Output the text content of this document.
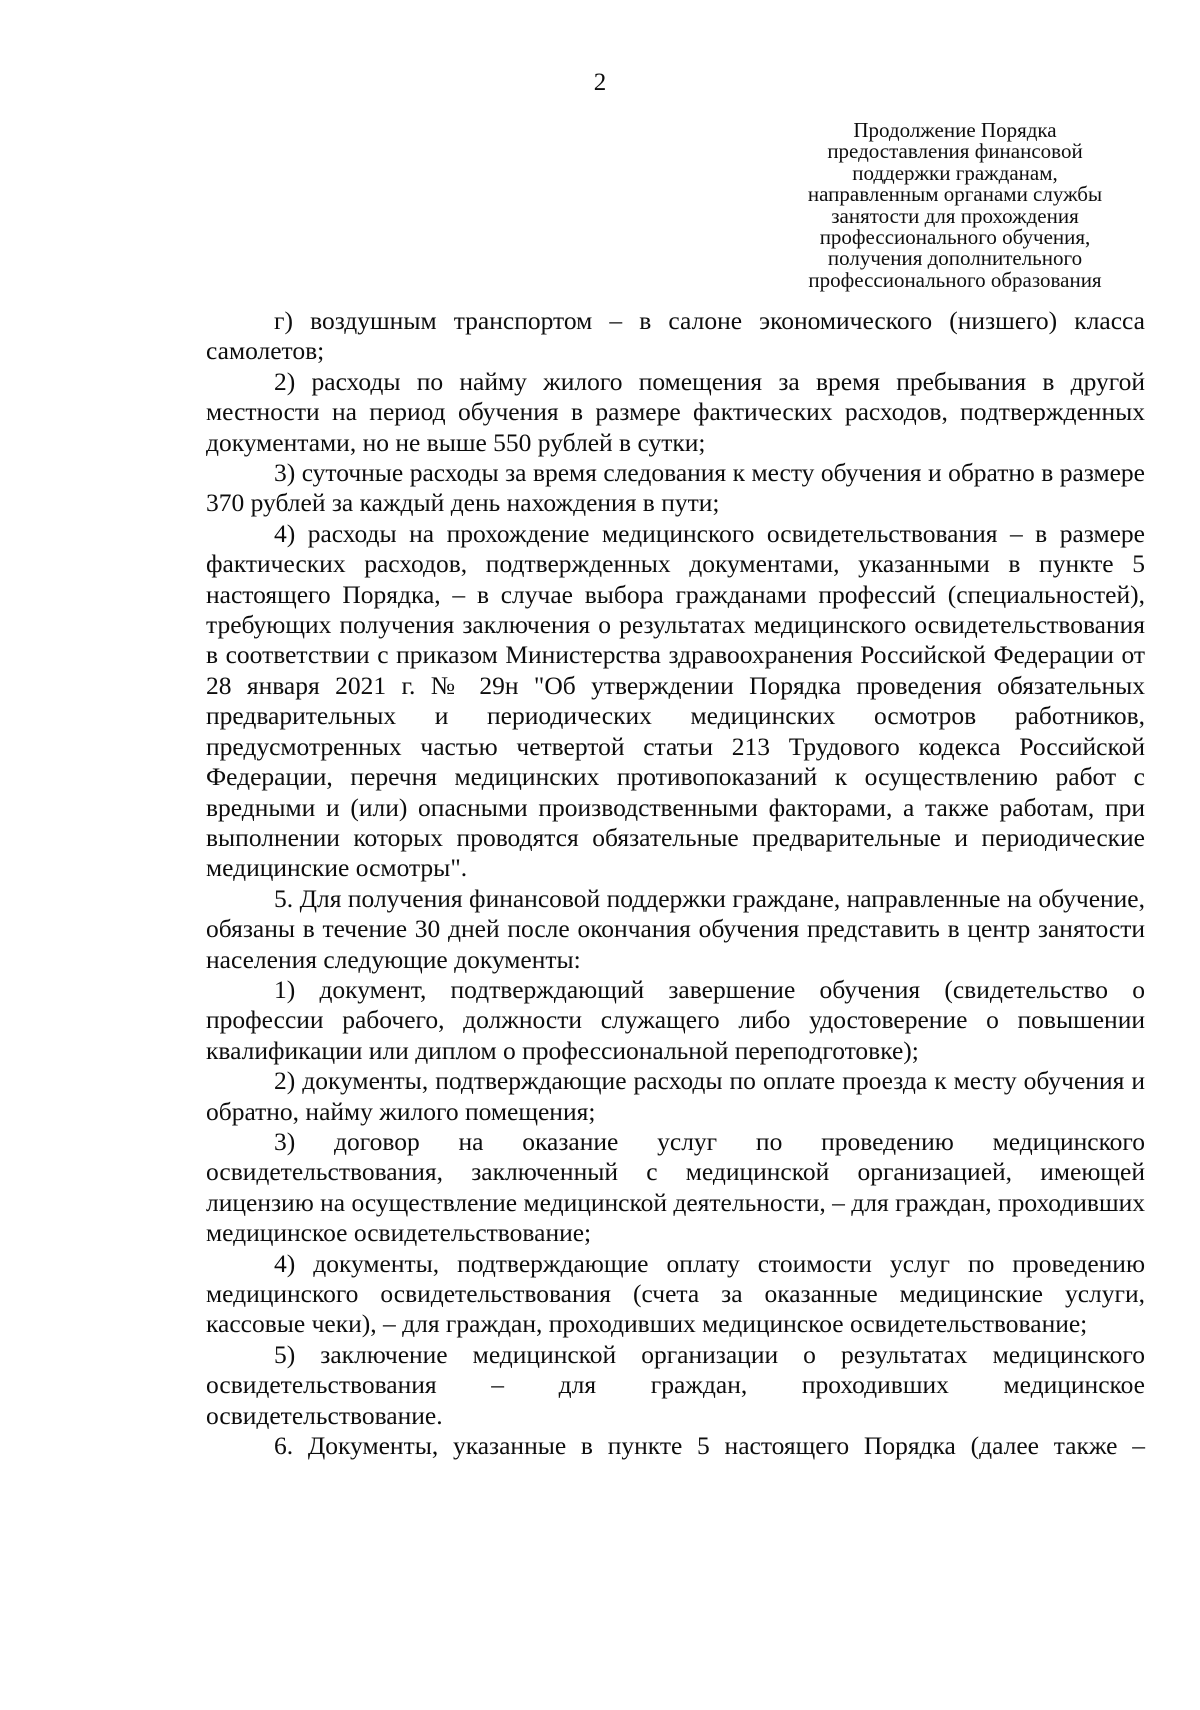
2
Продолжение Порядка
предоставления финансовой
поддержки гражданам,
направленным органами службы
занятости для прохождения
профессионального обучения,
получения дополнительного
профессионального образования

г) воздушным транспортом – в салоне экономического (низшего) класса самолетов;

2) расходы по найму жилого помещения за время пребывания в другой местности на период обучения в размере фактических расходов, подтвержденных документами, но не выше 550 рублей в сутки;

3) суточные расходы за время следования к месту обучения и обратно в размере 370 рублей за каждый день нахождения в пути;

4) расходы на прохождение медицинского освидетельствования – в размере фактических расходов, подтвержденных документами, указанными в пункте 5 настоящего Порядка, – в случае выбора гражданами профессий (специальностей), требующих получения заключения о результатах медицинского освидетельствования в соответствии с приказом Министерства здравоохранения Российской Федерации от 28 января 2021 г. № 29н "Об утверждении Порядка проведения обязательных предварительных и периодических медицинских осмотров работников, предусмотренных частью четвертой статьи 213 Трудового кодекса Российской Федерации, перечня медицинских противопоказаний к осуществлению работ с вредными и (или) опасными производственными факторами, а также работам, при выполнении которых проводятся обязательные предварительные и периодические медицинские осмотры".

5. Для получения финансовой поддержки граждане, направленные на обучение, обязаны в течение 30 дней после окончания обучения представить в центр занятости населения следующие документы:

1) документ, подтверждающий завершение обучения (свидетельство о профессии рабочего, должности служащего либо удостоверение о повышении квалификации или диплом о профессиональной переподготовке);

2) документы, подтверждающие расходы по оплате проезда к месту обучения и обратно, найму жилого помещения;

3) договор на оказание услуг по проведению медицинского освидетельствования, заключенный с медицинской организацией, имеющей лицензию на осуществление медицинской деятельности, – для граждан, проходивших медицинское освидетельствование;

4) документы, подтверждающие оплату стоимости услуг по проведению медицинского освидетельствования (счета за оказанные медицинские услуги, кассовые чеки), – для граждан, проходивших медицинское освидетельствование;

5) заключение медицинской организации о результатах медицинского освидетельствования – для граждан, проходивших медицинское освидетельствование.

6. Документы, указанные в пункте 5 настоящего Порядка (далее также –
